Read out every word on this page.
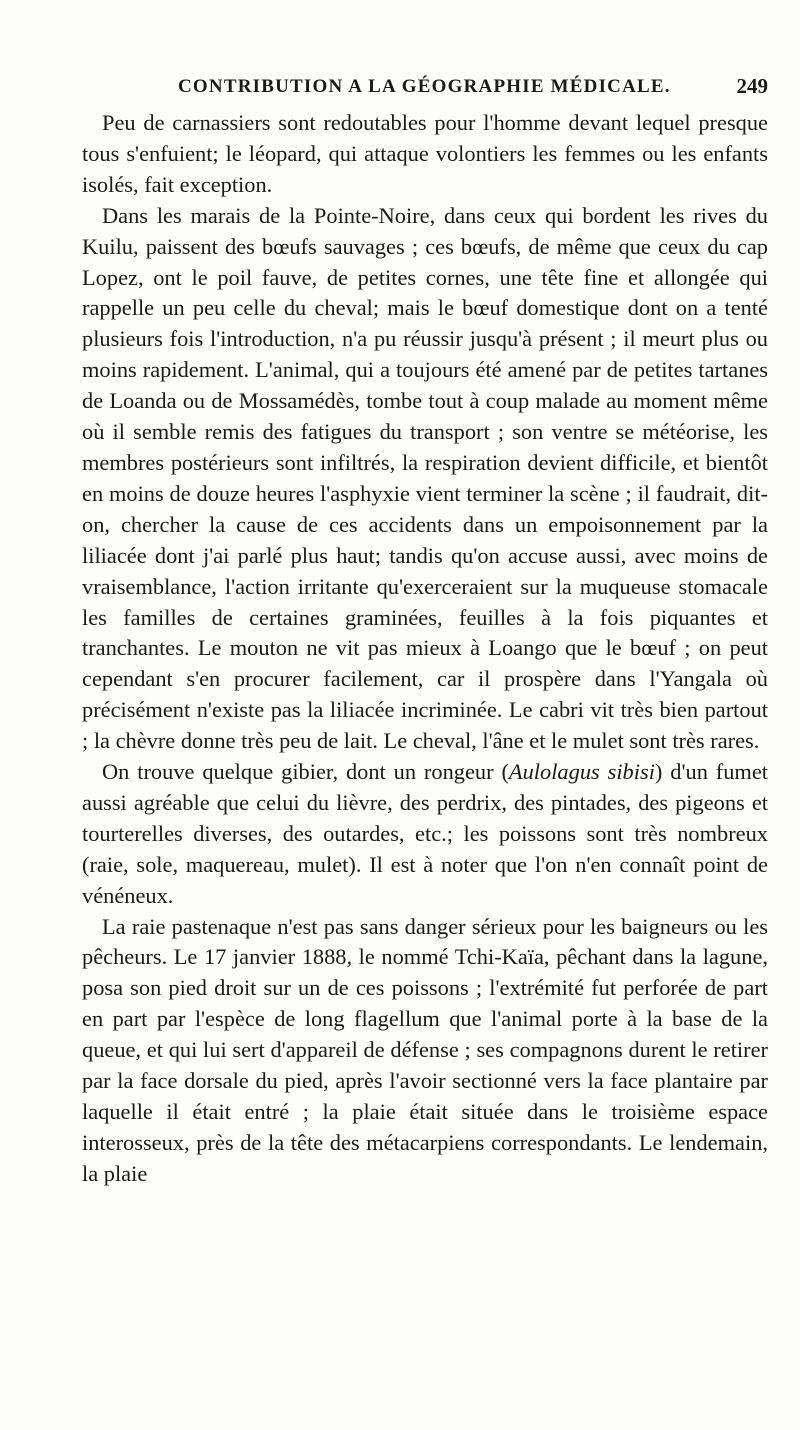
CONTRIBUTION A LA GÉOGRAPHIE MÉDICALE.	249

Peu de carnassiers sont redoutables pour l'homme devant lequel presque tous s'enfuient; le léopard, qui attaque volontiers les femmes ou les enfants isolés, fait exception.

Dans les marais de la Pointe-Noire, dans ceux qui bordent les rives du Kuilu, paissent des bœufs sauvages ; ces bœufs, de même que ceux du cap Lopez, ont le poil fauve, de petites cornes, une tête fine et allongée qui rappelle un peu celle du cheval; mais le bœuf domestique dont on a tenté plusieurs fois l'introduction, n'a pu réussir jusqu'à présent ; il meurt plus ou moins rapidement. L'animal, qui a toujours été amené par de petites tartanes de Loanda ou de Mossamédès, tombe tout à coup malade au moment même où il semble remis des fatigues du transport ; son ventre se météorise, les membres postérieurs sont infiltrés, la respiration devient difficile, et bientôt en moins de douze heures l'asphyxie vient terminer la scène ; il faudrait, dit-on, chercher la cause de ces accidents dans un empoisonnement par la liliacée dont j'ai parlé plus haut; tandis qu'on accuse aussi, avec moins de vraisemblance, l'action irritante qu'exerceraient sur la muqueuse stomacale les familles de certaines graminées, feuilles à la fois piquantes et tranchantes. Le mouton ne vit pas mieux à Loango que le bœuf ; on peut cependant s'en procurer facilement, car il prospère dans l'Yangala où précisément n'existe pas la liliacée incriminée. Le cabri vit très bien partout ; la chèvre donne très peu de lait. Le cheval, l'âne et le mulet sont très rares.

On trouve quelque gibier, dont un rongeur (Aulolagus sibisi) d'un fumet aussi agréable que celui du lièvre, des perdrix, des pintades, des pigeons et tourterelles diverses, des outardes, etc.; les poissons sont très nombreux (raie, sole, maquereau, mulet). Il est à noter que l'on n'en connaît point de vénéneux.

La raie pastenaque n'est pas sans danger sérieux pour les baigneurs ou les pêcheurs. Le 17 janvier 1888, le nommé Tchi-Kaïa, pêchant dans la lagune, posa son pied droit sur un de ces poissons ; l'extrémité fut perforée de part en part par l'espèce de long flagellum que l'animal porte à la base de la queue, et qui lui sert d'appareil de défense ; ses compagnons durent le retirer par la face dorsale du pied, après l'avoir sectionné vers la face plantaire par laquelle il était entré ; la plaie était située dans le troisième espace interosseux, près de la tête des métacarpiens correspondants. Le lendemain, la plaie
